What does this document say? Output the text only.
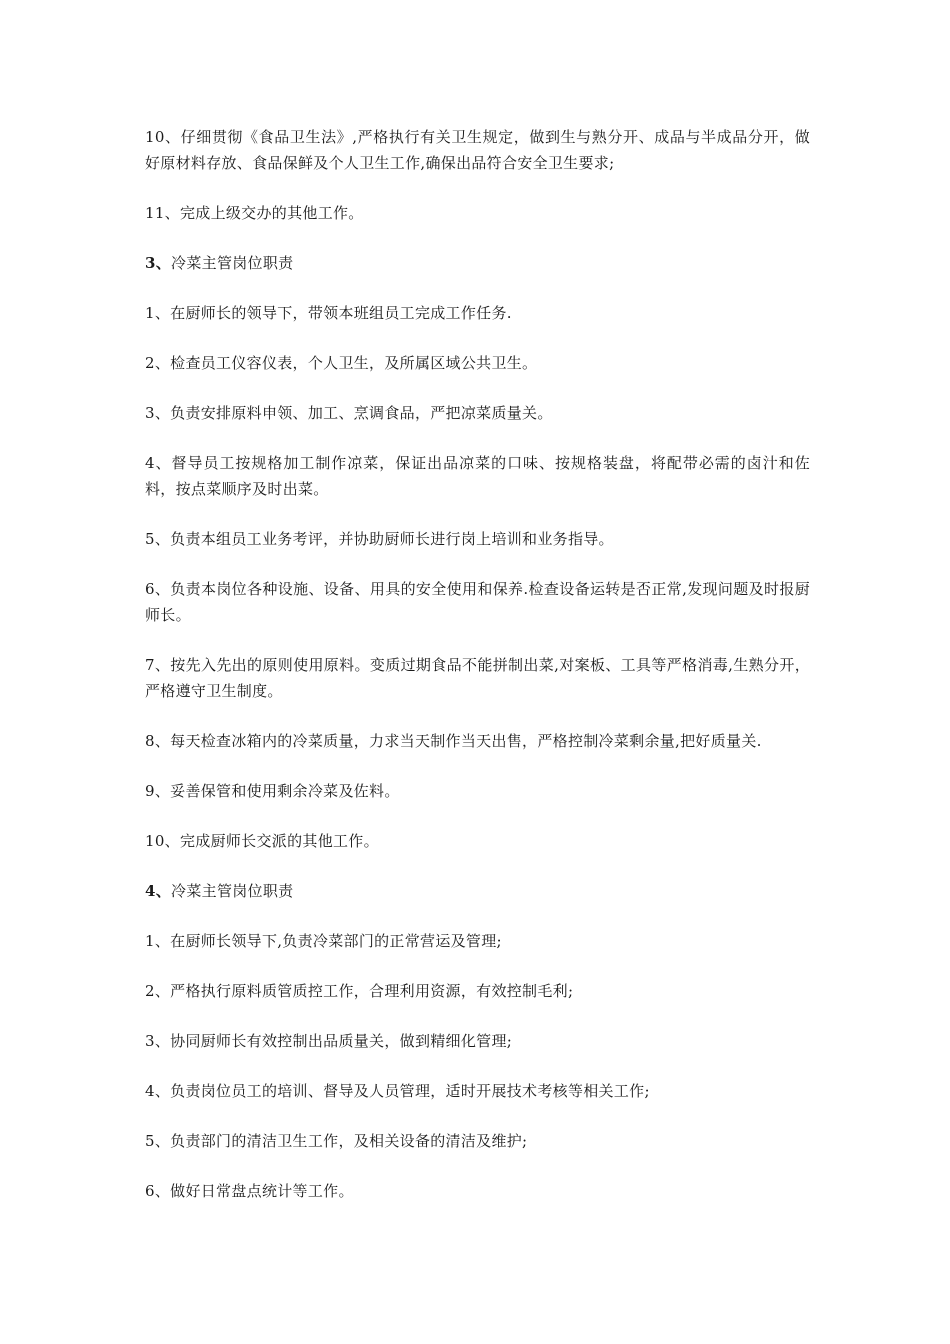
10、仔细贯彻《食品卫生法》,严格执行有关卫生规定，做到生与熟分开、成品与半成品分开，做好原材料存放、食品保鲜及个人卫生工作,确保出品符合安全卫生要求;

11、完成上级交办的其他工作。

3、冷菜主管岗位职责

1、在厨师长的领导下，带领本班组员工完成工作任务.

2、检查员工仪容仪表，个人卫生，及所属区域公共卫生。

3、负责安排原料申领、加工、烹调食品，严把凉菜质量关。

4、督导员工按规格加工制作凉菜，保证出品凉菜的口味、按规格装盘，将配带必需的卤汁和佐料，按点菜顺序及时出菜。

5、负责本组员工业务考评，并协助厨师长进行岗上培训和业务指导。

6、负责本岗位各种设施、设备、用具的安全使用和保养.检查设备运转是否正常,发现问题及时报厨师长。

7、按先入先出的原则使用原料。变质过期食品不能拼制出菜,对案板、工具等严格消毒,生熟分开，严格遵守卫生制度。

8、每天检查冰箱内的冷菜质量，力求当天制作当天出售，严格控制冷菜剩余量,把好质量关.

9、妥善保管和使用剩余冷菜及佐料。

10、完成厨师长交派的其他工作。

4、冷菜主管岗位职责

1、在厨师长领导下,负责冷菜部门的正常营运及管理;

2、严格执行原料质管质控工作，合理利用资源，有效控制毛利;

3、协同厨师长有效控制出品质量关，做到精细化管理;

4、负责岗位员工的培训、督导及人员管理，适时开展技术考核等相关工作;

5、负责部门的清洁卫生工作，及相关设备的清洁及维护;

6、做好日常盘点统计等工作。
